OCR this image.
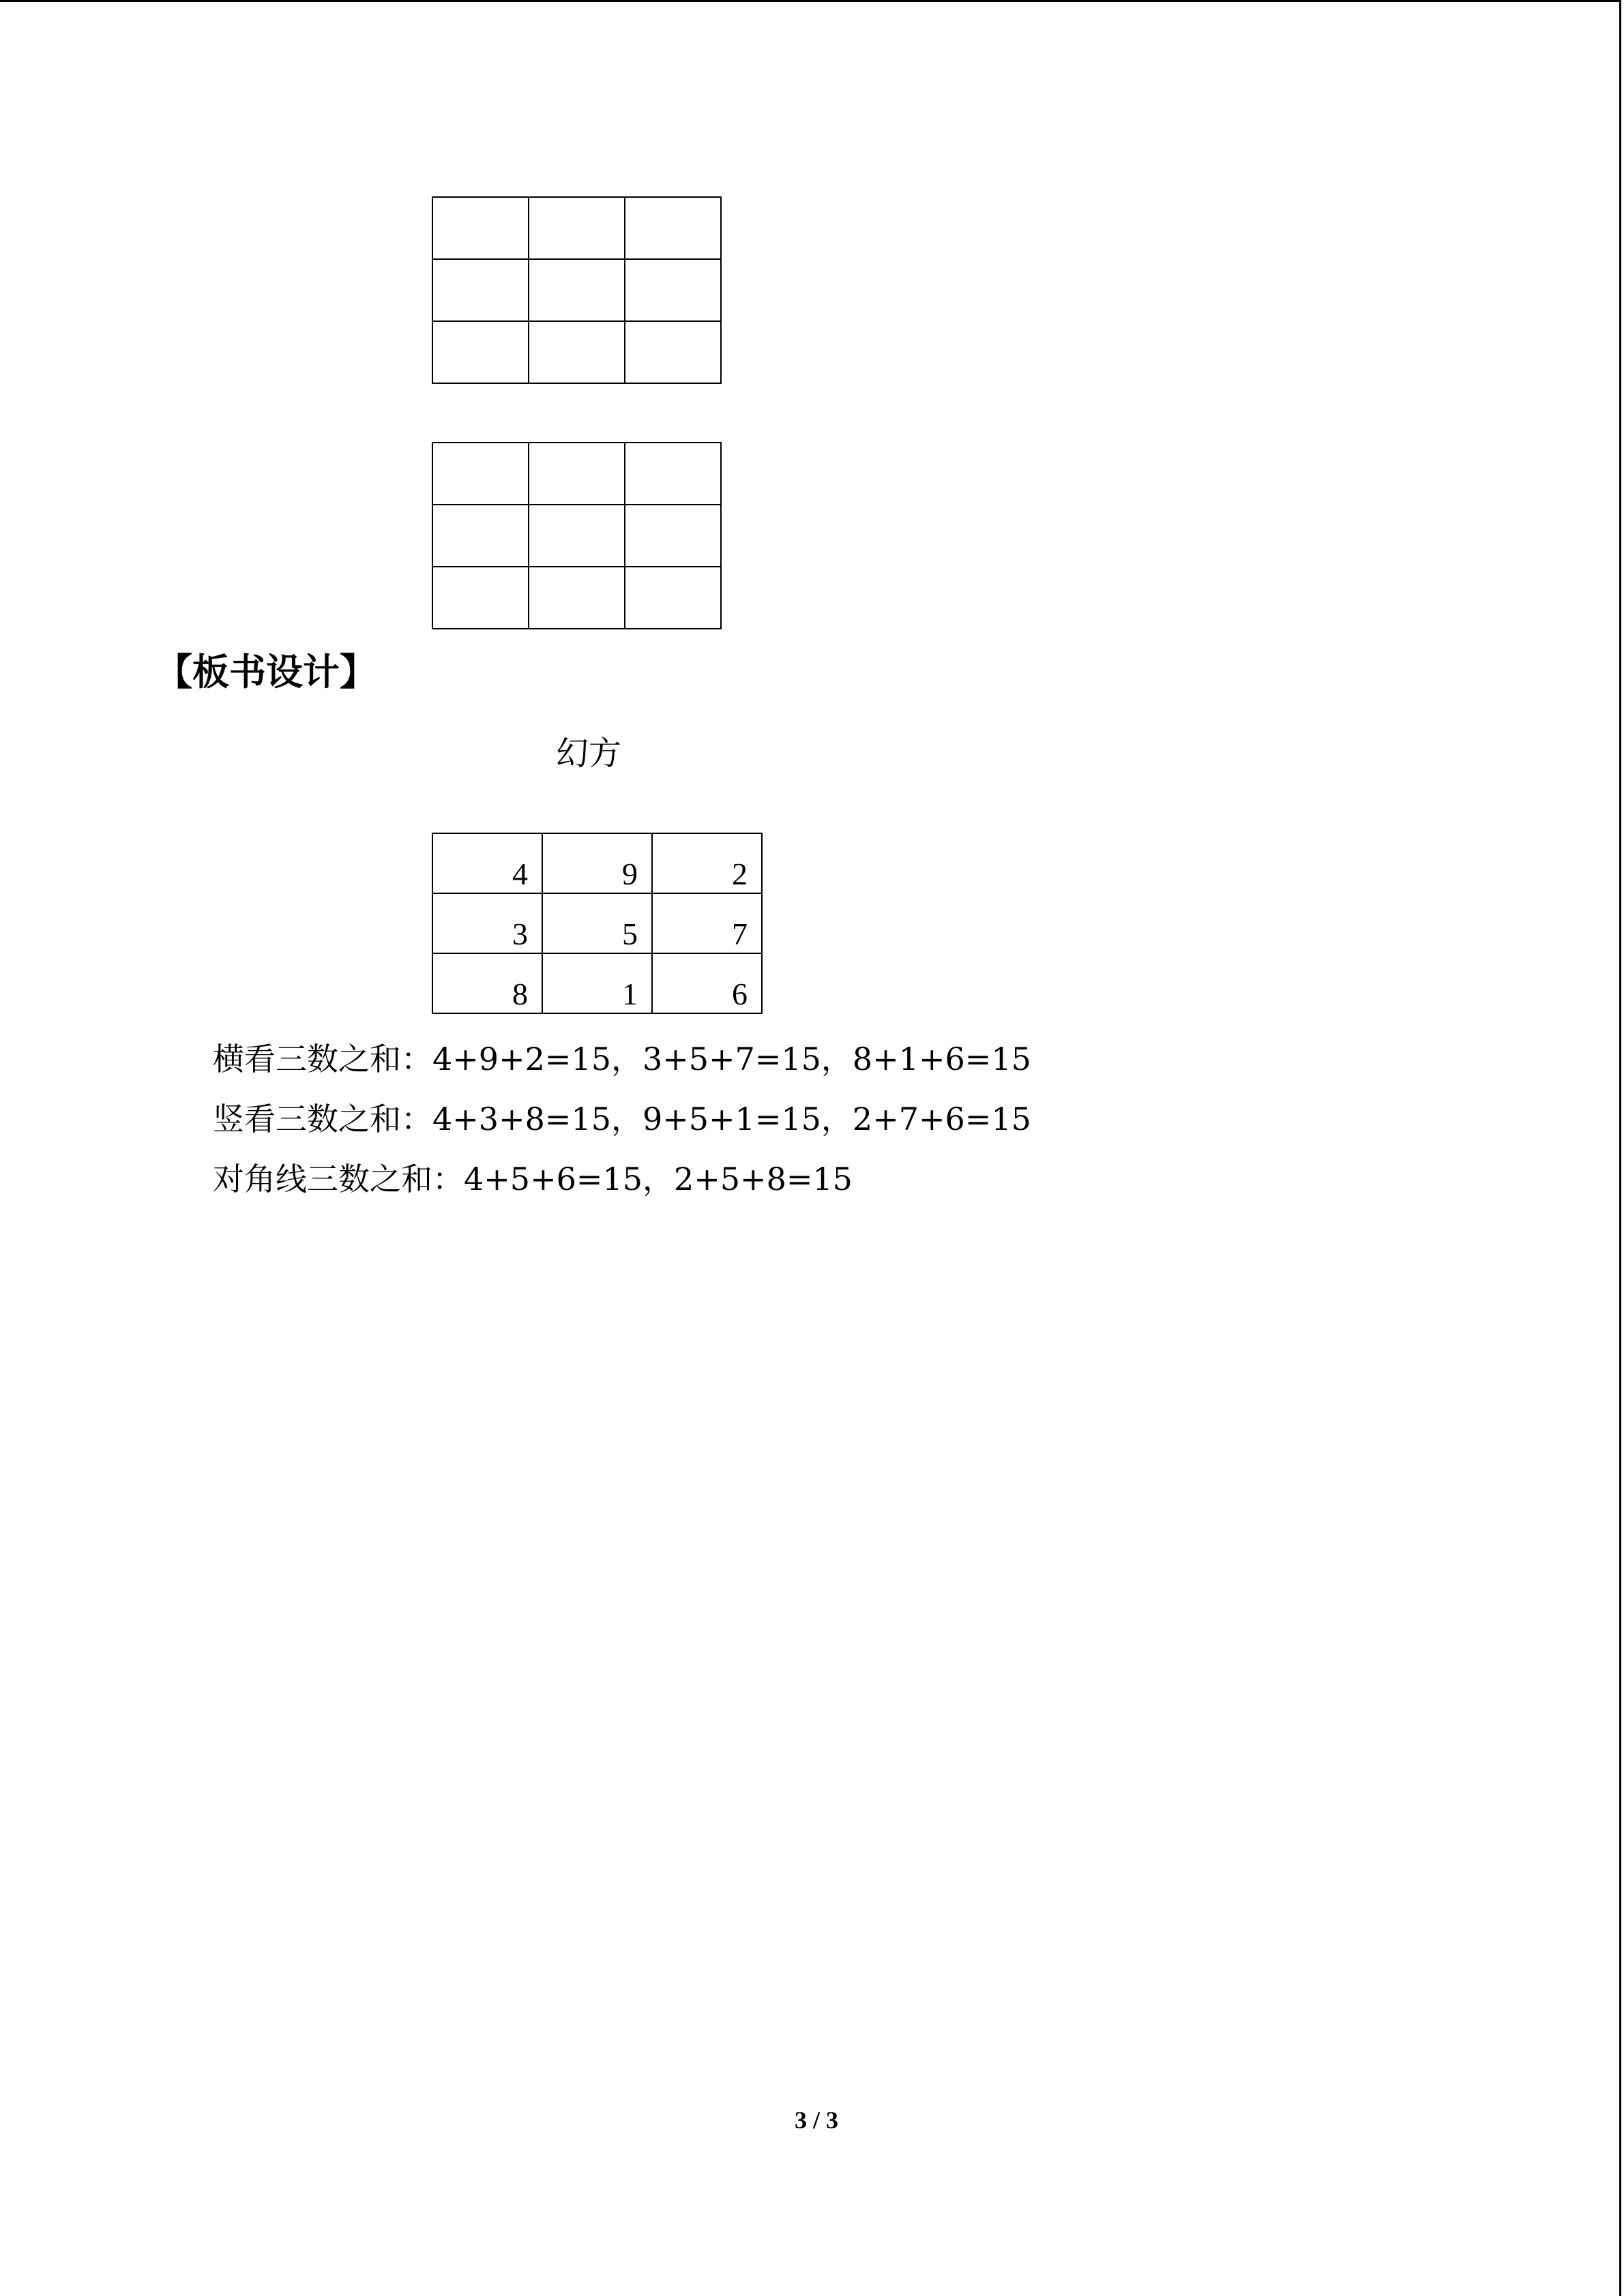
【板书设计】
幻方
4	9	2
3	5	7
8	1	6
横看三数之和：4+9+2=15，3+5+7=15，8+1+6=15
竖看三数之和：4+3+8=15，9+5+1=15，2+7+6=15
对角线三数之和：4+5+6=15，2+5+8=15
3 / 3
